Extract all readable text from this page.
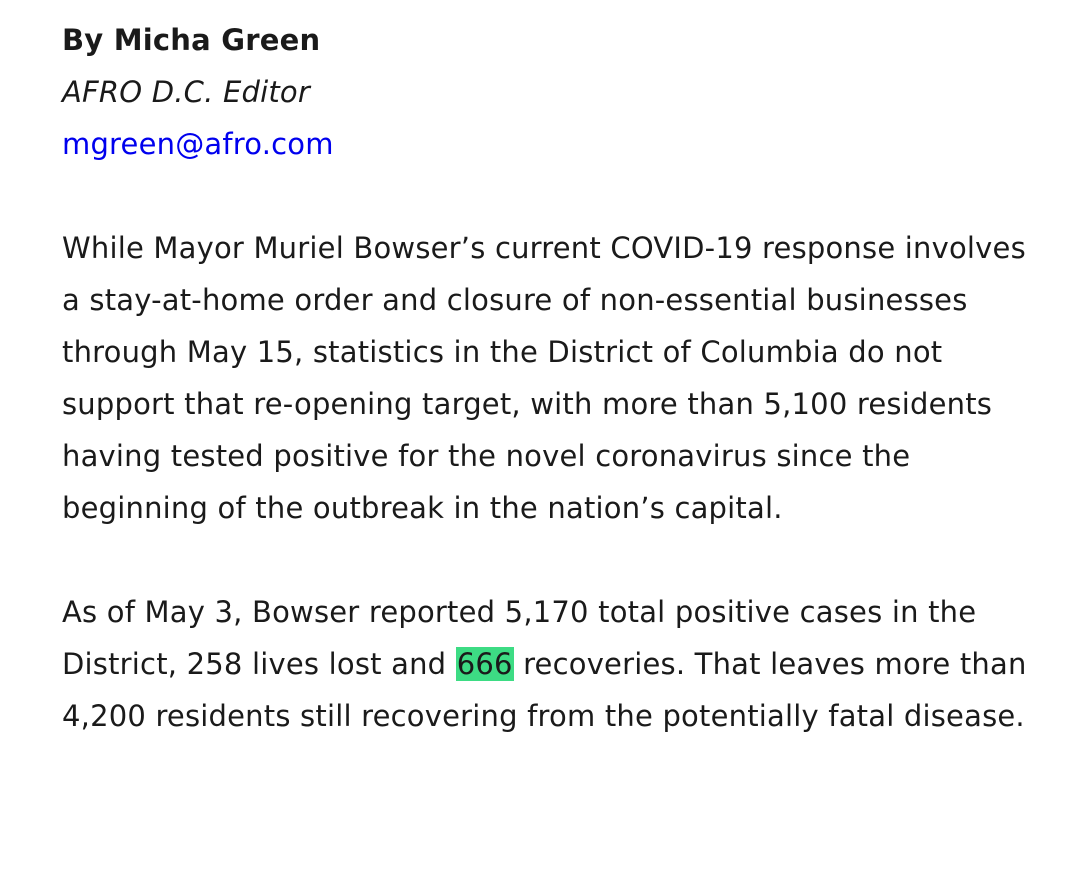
By Micha Green
AFRO D.C. Editor
mgreen@afro.com

While Mayor Muriel Bowser’s current COVID-19 response involves a stay-at-home order and closure of non-essential businesses through May 15, statistics in the District of Columbia do not support that re-opening target, with more than 5,100 residents having tested positive for the novel coronavirus since the beginning of the outbreak in the nation’s capital.

As of May 3, Bowser reported 5,170 total positive cases in the District, 258 lives lost and 666 recoveries. That leaves more than 4,200 residents still recovering from the potentially fatal disease.
